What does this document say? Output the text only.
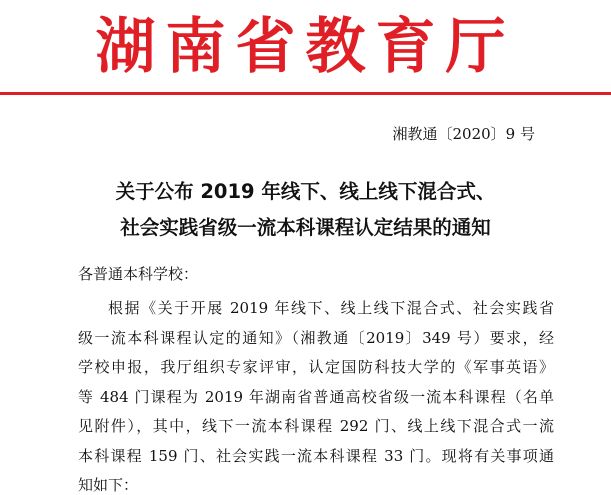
湖南省教育厅
湘教通〔2020〕9 号
关于公布 2019 年线下、线上线下混合式、
社会实践省级一流本科课程认定结果的通知
各普通本科学校：
根据《关于开展 2019 年线下、线上线下混合式、社会实践省
级一流本科课程认定的通知》（湘教通〔2019〕349 号）要求，经
学校申报，我厅组织专家评审，认定国防科技大学的《军事英语》
等 484 门课程为 2019 年湖南省普通高校省级一流本科课程（名单
见附件），其中，线下一流本科课程 292 门、线上线下混合式一流
本科课程 159 门、社会实践一流本科课程 33 门。现将有关事项通
知如下：
